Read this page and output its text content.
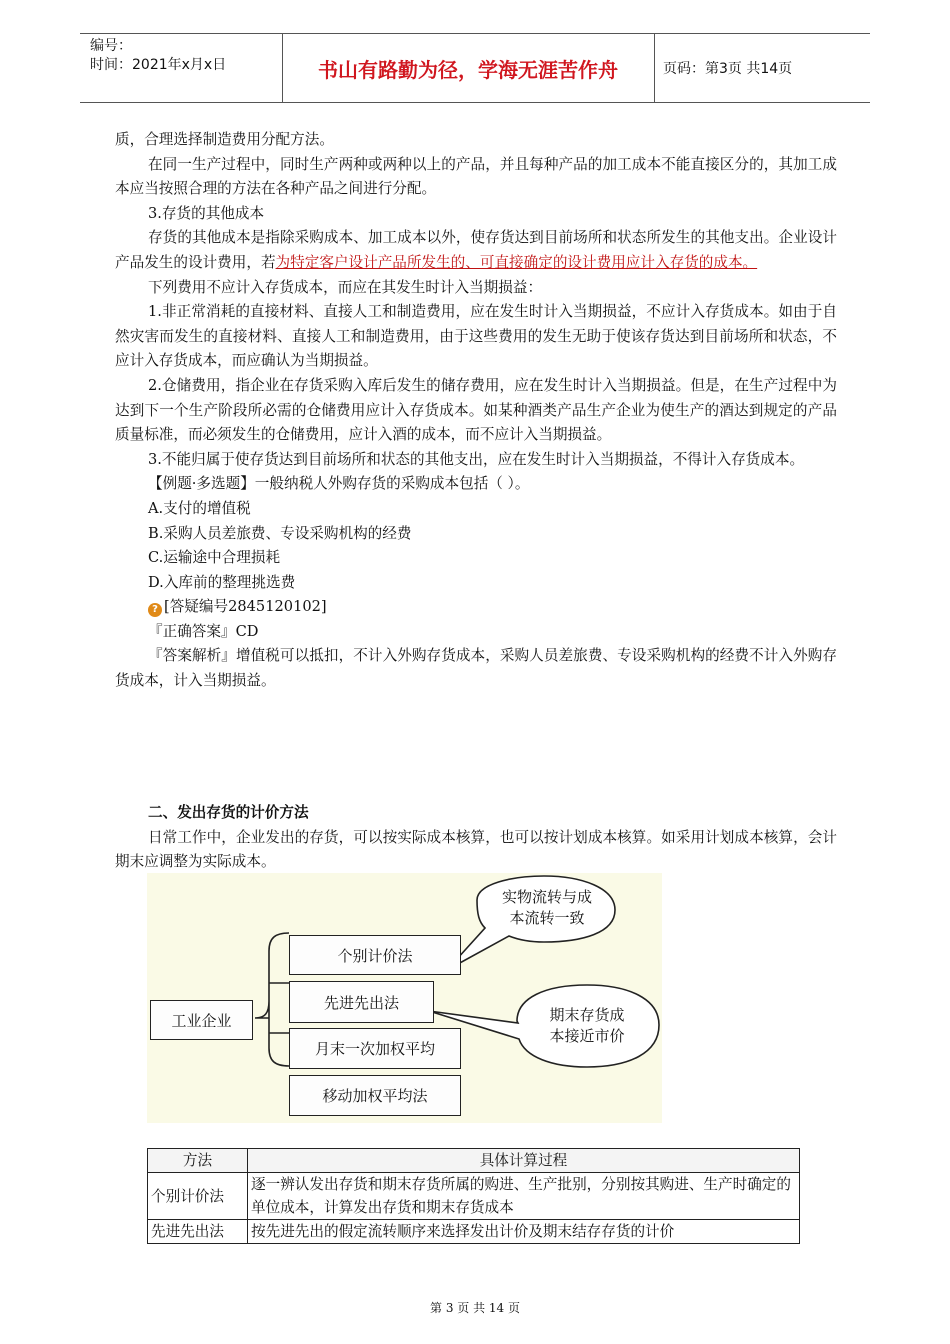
编号：
时间：2021年x月x日	书山有路勤为径，学海无涯苦作舟	页码：第3页 共14页

质，合理选择制造费用分配方法。

在同一生产过程中，同时生产两种或两种以上的产品，并且每种产品的加工成本不能直接区分的，其加工成本应当按照合理的方法在各种产品之间进行分配。

3.存货的其他成本

存货的其他成本是指除采购成本、加工成本以外，使存货达到目前场所和状态所发生的其他支出。企业设计产品发生的设计费用，若为特定客户设计产品所发生的、可直接确定的设计费用应计入存货的成本。

下列费用不应计入存货成本，而应在其发生时计入当期损益：

1.非正常消耗的直接材料、直接人工和制造费用，应在发生时计入当期损益，不应计入存货成本。如由于自然灾害而发生的直接材料、直接人工和制造费用，由于这些费用的发生无助于使该存货达到目前场所和状态，不应计入存货成本，而应确认为当期损益。

2.仓储费用，指企业在存货采购入库后发生的储存费用，应在发生时计入当期损益。但是，在生产过程中为达到下一个生产阶段所必需的仓储费用应计入存货成本。如某种酒类产品生产企业为使生产的酒达到规定的产品质量标准，而必须发生的仓储费用，应计入酒的成本，而不应计入当期损益。

3.不能归属于使存货达到目前场所和状态的其他支出，应在发生时计入当期损益，不得计入存货成本。

【例题·多选题】一般纳税人外购存货的采购成本包括（ ）。

A.支付的增值税

B.采购人员差旅费、专设采购机构的经费

C.运输途中合理损耗

D.入库前的整理挑选费

? [答疑编号2845120102]

『正确答案』CD

『答案解析』增值税可以抵扣，不计入外购存货成本，采购人员差旅费、专设采购机构的经费不计入外购存货成本，计入当期损益。

二、发出存货的计价方法

日常工作中，企业发出的存货，可以按实际成本核算，也可以按计划成本核算。如采用计划成本核算，会计期末应调整为实际成本。

工业企业
个别计价法
先进先出法
月末一次加权平均
移动加权平均法
实物流转与成
本流转一致
期末存货成
本接近市价
方法	具体计算过程
个别计价法	逐一辨认发出存货和期末存货所属的购进、生产批别，分别按其购进、生产时确定的单位成本，计算发出存货和期末存货成本
先进先出法	按先进先出的假定流转顺序来选择发出计价及期末结存存货的计价
第 3 页 共 14 页
